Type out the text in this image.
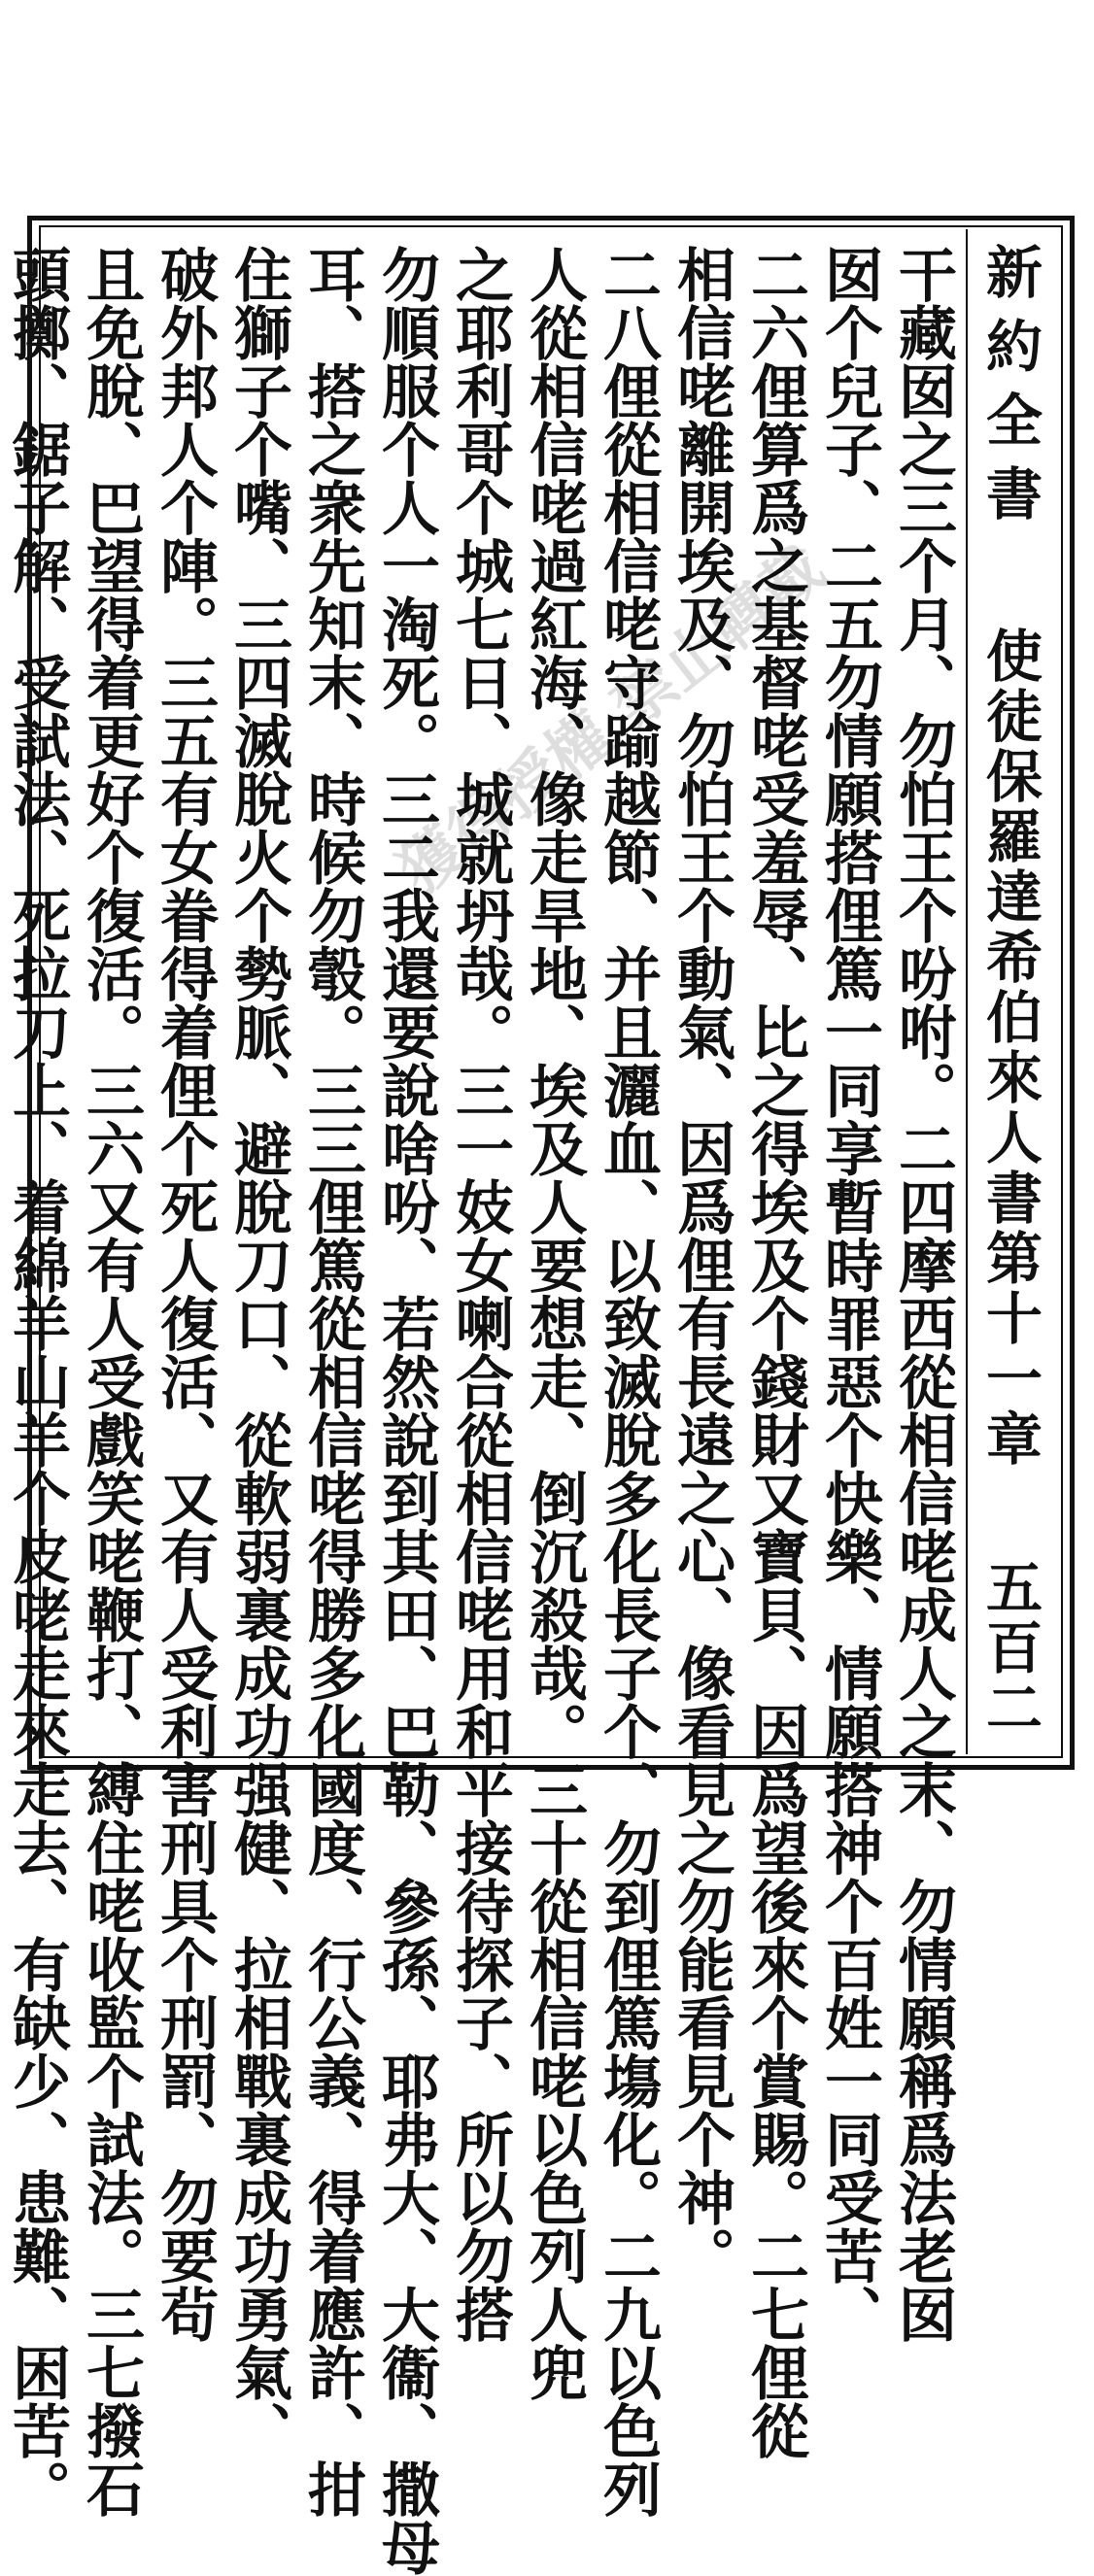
新約全書
使徒保羅達希伯來人書第十一章
五百二
干藏囡之三个月、勿怕王个吩咐。二四摩西從相信咾成人之末、勿情願稱爲法老囡
囡个兒子、二五勿情願搭俚篤一同享暫時罪惡个快樂、情願搭神个百姓一同受苦、
二六俚算爲之基督咾受羞辱、比之得埃及个錢財又寶貝、因爲望後來个賞賜。二七俚從
相信咾離開埃及、勿怕王个動氣、因爲俚有長遠之心、像看見之勿能看見个神。
二八俚從相信咾守踰越節、并且灑血、以致滅脫多化長子个、勿到俚篤塲化。二九以色列
人從相信咾過紅海、像走旱地、埃及人要想走、倒沉殺哉。三十從相信咾以色列人兜
之耶利哥个城七日、城就坍哉。三一妓女喇合從相信咾用和平接待探子、所以勿搭
勿順服个人一淘死。三二我還要說啥吩、若然說到其田、巴勒、參孫、耶弗大、大衞、撒母
耳、搭之衆先知末、時候勿彀。三三俚篤從相信咾得勝多化國度、行公義、得着應許、拑
住獅子个嘴、三四滅脫火个勢脈、避脫刀口、從軟弱裏成功强健、拉相戰裏成功勇氣、
破外邦人个陣。三五有女眷得着俚个死人復活、又有人受利害刑具个刑罰、勿要茍
且免脫、巴望得着更好个復活。三六又有人受戲笑咾鞭打、縛住咾收監个試法。三七撥石
頭擲、鋸子解、受試法、死拉刀上、着綿羊山羊个皮咾走來走去、有缺少、患難、困苦。	獲得授權 禁止轉載
